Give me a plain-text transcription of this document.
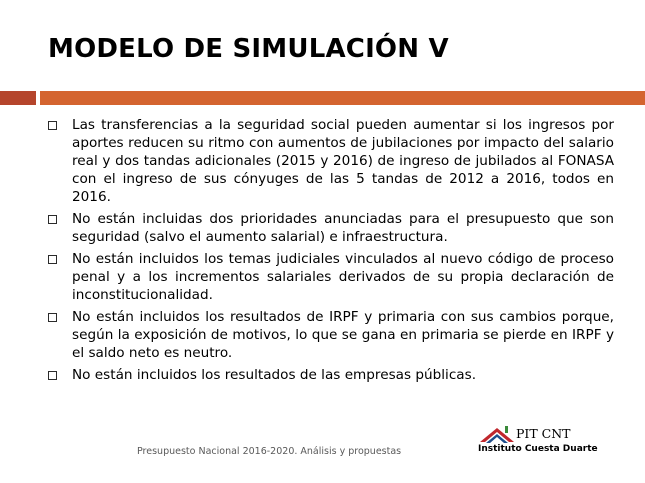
MODELO DE SIMULACIÓN V
Las transferencias a la seguridad social pueden aumentar si los ingresos por aportes reducen su ritmo con aumentos de jubilaciones por impacto del salario real y dos tandas adicionales (2015 y 2016) de ingreso de jubilados al FONASA con el ingreso de sus cónyuges de las 5 tandas de 2012 a 2016, todos en 2016.
No están incluidas dos prioridades anunciadas para el presupuesto que son seguridad (salvo el aumento salarial) e infraestructura.
No están incluidos los temas judiciales vinculados al nuevo código de proceso penal y a los incrementos salariales derivados de su propia declaración de inconstitucionalidad.
No están incluidos los resultados de IRPF y primaria con sus cambios porque, según la exposición de motivos, lo que se gana en primaria se pierde en IRPF y el saldo neto es neutro.
No están incluidos los resultados de las empresas públicas.
Presupuesto Nacional 2016-2020. Análisis y propuestas
PIT CNT
Instituto Cuesta Duarte
